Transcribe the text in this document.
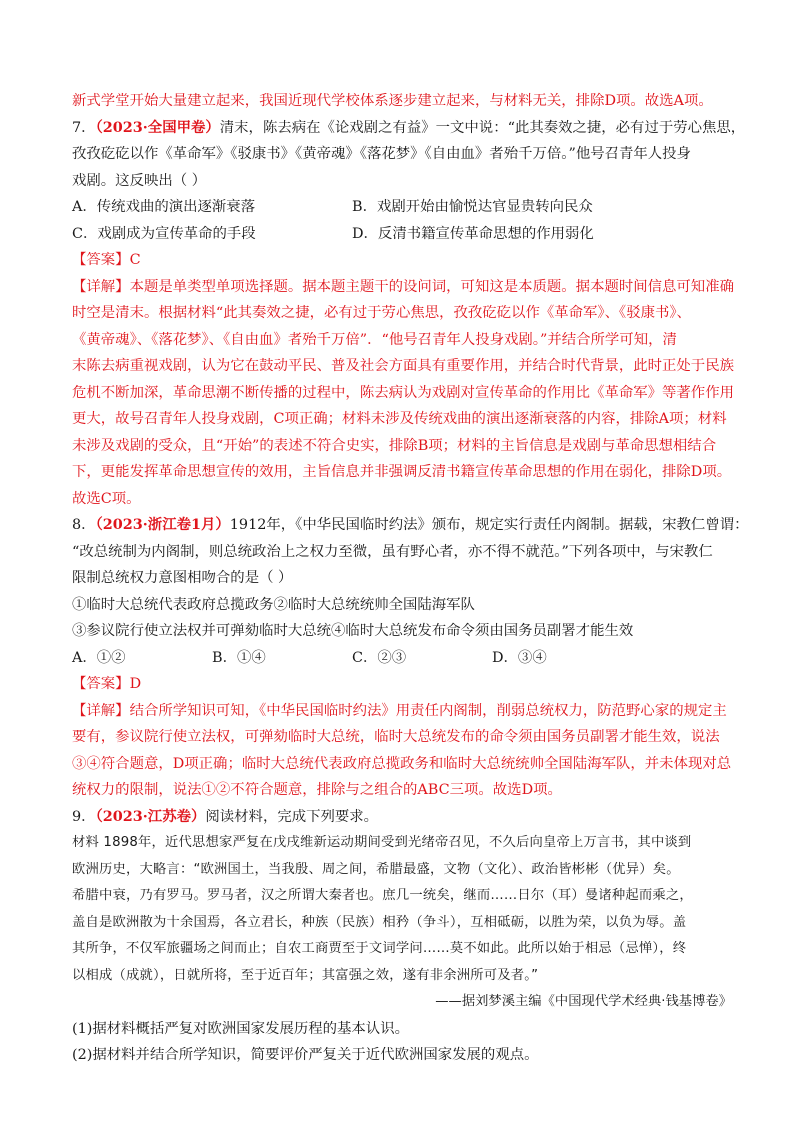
新式学堂开始大量建立起来，我国近现代学校体系逐步建立起来，与材料无关，排除D项。故选A项。
7．（2023·全国甲卷）清末，陈去病在《论戏剧之有益》一文中说：“此其奏效之捷，必有过于劳心焦思，
孜孜矻矻以作《革命军》《驳康书》《黄帝魂》《落花梦》《自由血》者殆千万倍。”他号召青年人投身
戏剧。这反映出（ ）
A．传统戏曲的演出逐渐衰落	B．戏剧开始由愉悦达官显贵转向民众
C．戏剧成为宣传革命的手段	D．反清书籍宣传革命思想的作用弱化
【答案】C
【详解】本题是单类型单项选择题。据本题主题干的设问词，可知这是本质题。据本题时间信息可知准确
时空是清末。根据材料“此其奏效之捷，必有过于劳心焦思，孜孜矻矻以作《革命军》、《驳康书》、
《黄帝魂》、《落花梦》、《自由血》者殆千万倍”．“他号召青年人投身戏剧。”并结合所学可知，清
末陈去病重视戏剧，认为它在鼓动平民、普及社会方面具有重要作用，并结合时代背景，此时正处于民族
危机不断加深，革命思潮不断传播的过程中，陈去病认为戏剧对宣传革命的作用比《革命军》等著作作用
更大，故号召青年人投身戏剧，C项正确；材料未涉及传统戏曲的演出逐渐衰落的内容，排除A项；材料
未涉及戏剧的受众，且“开始”的表述不符合史实，排除B项；材料的主旨信息是戏剧与革命思想相结合
下，更能发挥革命思想宣传的效用，主旨信息并非强调反清书籍宣传革命思想的作用在弱化，排除D项。
故选C项。
8．（2023·浙江卷1月）1912年，《中华民国临时约法》颁布，规定实行责任内阁制。据载，宋教仁曾谓：
“改总统制为内阁制，则总统政治上之权力至微，虽有野心者，亦不得不就范。”下列各项中，与宋教仁
限制总统权力意图相吻合的是（ ）
①临时大总统代表政府总揽政务②临时大总统统帅全国陆海军队
③参议院行使立法权并可弹劾临时大总统④临时大总统发布命令须由国务员副署才能生效
A．①②	B．①④	C．②③	D．③④
【答案】D
【详解】结合所学知识可知，《中华民国临时约法》用责任内阁制，削弱总统权力，防范野心家的规定主
要有，参议院行使立法权，可弹劾临时大总统，临时大总统发布的命令须由国务员副署才能生效，说法
③④符合题意，D项正确；临时大总统代表政府总揽政务和临时大总统统帅全国陆海军队，并未体现对总
统权力的限制，说法①②不符合题意，排除与之组合的ABC三项。故选D项。
9．（2023·江苏卷）阅读材料，完成下列要求。
材料 1898年，近代思想家严复在戊戌维新运动期间受到光绪帝召见，不久后向皇帝上万言书，其中谈到
欧洲历史，大略言：“欧洲国土，当我殷、周之间，希腊最盛，文物（文化）、政治皆彬彬（优异）矣。
希腊中衰，乃有罗马。罗马者，汉之所谓大秦者也。庶几一统矣，继而……日尔（耳）曼诸种起而乘之，
盖自是欧洲散为十余国焉，各立君长，种族（民族）相矜（争斗），互相砥砺，以胜为荣，以负为辱。盖
其所争，不仅军旅疆场之间而止；自农工商贾至于文词学问……莫不如此。此所以始于相忌（忌惮），终
以相成（成就），日就所将，至于近百年；其富强之效，遂有非余洲所可及者。”
——据刘梦溪主编《中国现代学术经典·钱基博卷》
(1)据材料概括严复对欧洲国家发展历程的基本认识。
(2)据材料并结合所学知识，简要评价严复关于近代欧洲国家发展的观点。
